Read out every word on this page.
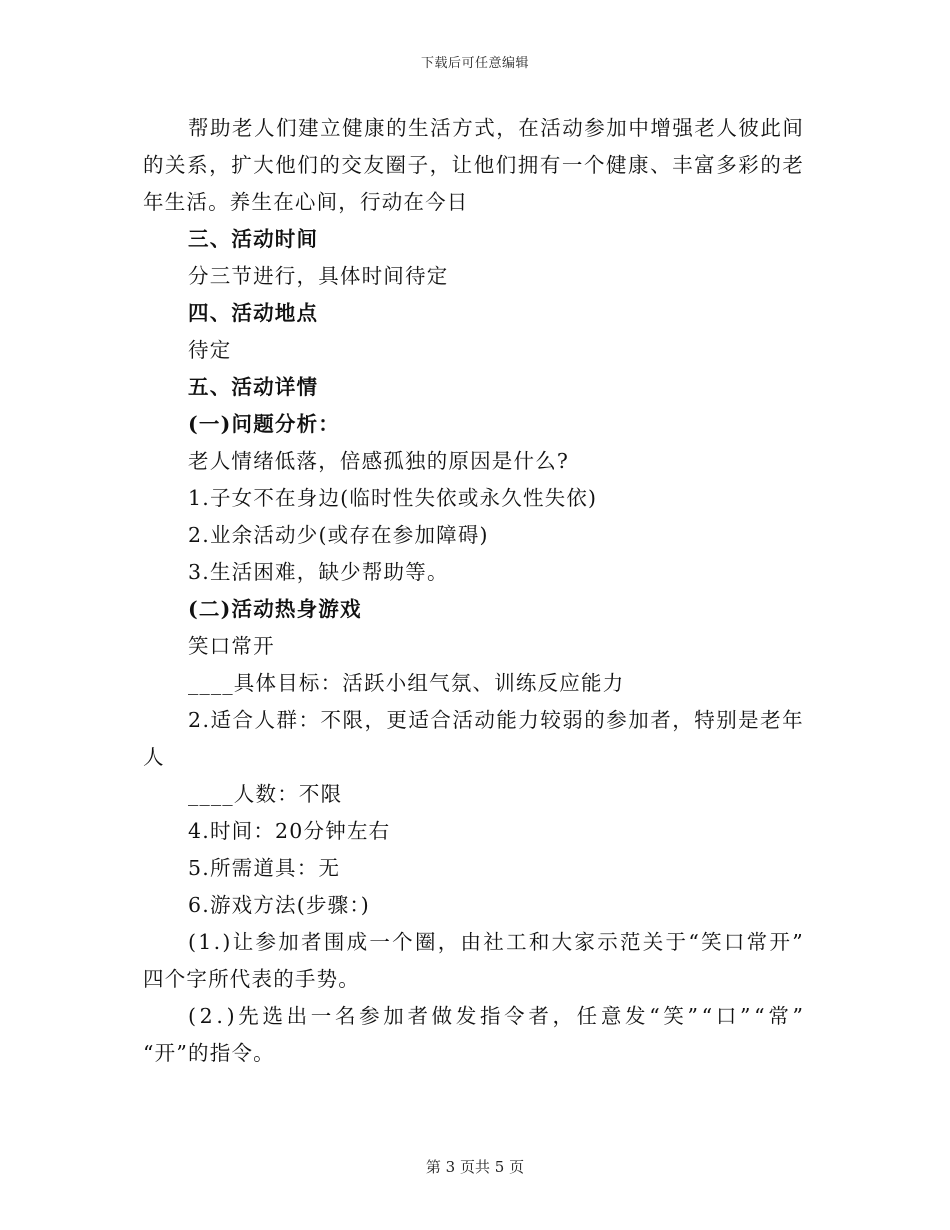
下载后可任意编辑
帮 助 老 人 们 建 立 健 康 的 生 活 方 式 ， 在 活 动 参 加 中 增 强 老 人 彼 此 间
的 关 系 ， 扩 大 他 们 的 交 友 圈 子 ， 让 他 们 拥 有 一 个 健 康 、 丰 富 多 彩 的 老
年生活。养生在心间，行动在今日
三、活动时间
分三节进行，具体时间待定
四、活动地点
待定
五、活动详情
(一)问题分析：
老人情绪低落，倍感孤独的原因是什么?
1.子女不在身边(临时性失依或永久性失依)
2.业余活动少(或存在参加障碍)
3.生活困难，缺少帮助等。
(二)活动热身游戏
笑口常开
____具体目标：活跃小组气氛、训练反应能力
2 . 适 合 人 群 ： 不 限 ， 更 适 合 活 动 能 力 较 弱 的 参 加 者 ， 特 别 是 老 年
人
____人数：不限
4.时间：20分钟左右
5.所需道具：无
6.游戏方法(步骤：)
( 1 . ) 让 参 加 者 围 成 一 个 圈 ， 由 社 工 和 大 家 示 范 关 于 “ 笑 口 常 开 ”
四个字所代表的手势。
( 2 . ) 先 选 出 一 名 参 加 者 做 发 指 令 者 ， 任 意 发 “ 笑 ” “ 口 ” “ 常 ”
“开”的指令。
第 3 页共 5 页
